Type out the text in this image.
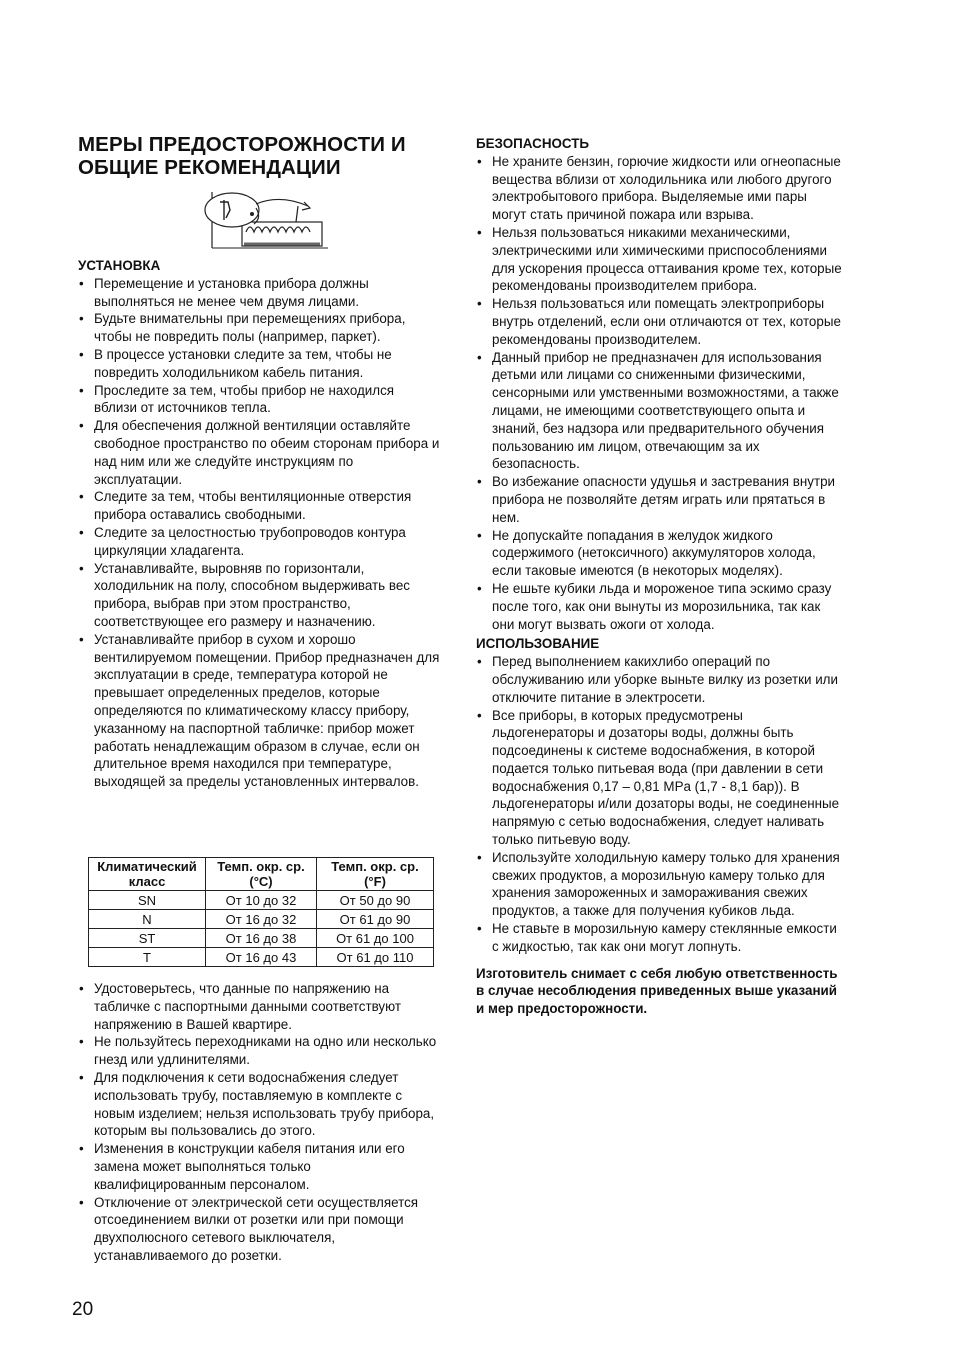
МЕРЫ ПРЕДОСТОРОЖНОСТИ И
ОБЩИЕ РЕКОМЕНДАЦИИ

УСТАНОВКА

• Перемещение и установка прибора должны выполняться не менее чем двумя лицами.
• Будьте внимательны при перемещениях прибора, чтобы не повредить полы (например, паркет).
• В процессе установки следите за тем, чтобы не повредить холодильником кабель питания.
• Проследите за тем, чтобы прибор не находился вблизи от источников тепла.
• Для обеспечения должной вентиляции оставляйте свободное пространство по обеим сторонам прибора и над ним или же следуйте инструкциям по эксплуатации.
• Следите за тем, чтобы вентиляционные отверстия прибора оставались свободными.
• Следите за целостностью трубопроводов контура циркуляции хладагента.
• Устанавливайте, выровняв по горизонтали, холодильник на полу, способном выдерживать вес прибора, выбрав при этом пространство, соответствующее его размеру и назначению.
• Устанавливайте прибор в сухом и хорошо вентилируемом помещении. Прибор предназначен для эксплуатации в среде, температура которой не превышает определенных пределов, которые определяются по климатическому классу прибору, указанному на паспортной табличке: прибор может работать ненадлежащим образом в случае, если он длительное время находился при температуре, выходящей за пределы установленных интервалов.
Климатический класс	Темп. окр. ср. (°C)	Темп. окр. ср. (°F)
SN	От 10 до 32	От 50 до 90
N	От 16 до 32	От 61 до 90
ST	От 16 до 38	От 61 до 100
T	От 16 до 43	От 61 до 110
• Удостоверьтесь, что данные по напряжению на табличке с паспортными данными соответствуют напряжению в Вашей квартире.
• Не пользуйтесь переходниками на одно или несколько гнезд или удлинителями.
• Для подключения к сети водоснабжения следует использовать трубу, поставляемую в комплекте с новым изделием; нельзя использовать трубу прибора, которым вы пользовались до этого.
• Изменения в конструкции кабеля питания или его замена может выполняться только квалифицированным персоналом.
• Отключение от электрической сети осуществляется отсоединением вилки от розетки или при помощи двухполюсного сетевого выключателя, устанавливаемого до розетки.

БЕЗОПАСНОСТЬ

• Не храните бензин, горючие жидкости или огнеопасные вещества вблизи от холодильника или любого другого электробытового прибора. Выделяемые ими пары могут стать причиной пожара или взрыва.
• Нельзя пользоваться никакими механическими, электрическими или химическими приспособлениями для ускорения процесса оттаивания кроме тех, которые рекомендованы производителем прибора.
• Нельзя пользоваться или помещать электроприборы внутрь отделений, если они отличаются от тех, которые рекомендованы производителем.
• Данный прибор не предназначен для использования детьми или лицами со сниженными физическими, сенсорными или умственными возможностями, а также лицами, не имеющими соответствующего опыта и знаний, без надзора или предварительного обучения пользованию им лицом, отвечающим за их безопасность.
• Во избежание опасности удушья и застревания внутри прибора не позволяйте детям играть или прятаться в нем.
• Не допускайте попадания в желудок жидкого содержимого (нетоксичного) аккумуляторов холода, если таковые имеются (в некоторых моделях).
• Не ешьте кубики льда и мороженое типа эскимо сразу после того, как они вынуты из морозильника, так как они могут вызвать ожоги от холода.

ИСПОЛЬЗОВАНИЕ

• Перед выполнением какихлибо операций по обслуживанию или уборке выньте вилку из розетки или отключите питание в электросети.
• Все приборы, в которых предусмотрены льдогенераторы и дозаторы воды, должны быть подсоединены к системе водоснабжения, в которой подается только питьевая вода (при давлении в сети водоснабжения 0,17 – 0,81 MPa (1,7 - 8,1 бар)). В льдогенераторы и/или дозаторы воды, не соединенные напрямую с сетью водоснабжения, следует наливать только питьевую воду.
• Используйте холодильную камеру только для хранения свежих продуктов, а морозильную камеру только для хранения замороженных и замораживания свежих продуктов, а также для получения кубиков льда.
• Не ставьте в морозильную камеру стеклянные емкости с жидкостью, так как они могут лопнуть.

Изготовитель снимает с себя любую ответственность в случае несоблюдения приведенных выше указаний и мер предосторожности.

20
